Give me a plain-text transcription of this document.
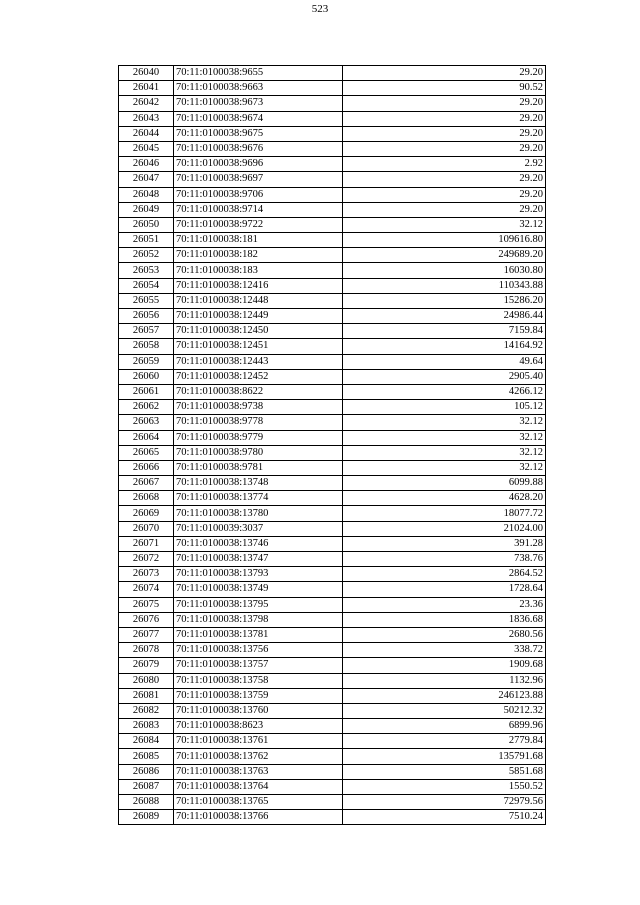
523
26040	70:11:0100038:9655	29.20
26041	70:11:0100038:9663	90.52
26042	70:11:0100038:9673	29.20
26043	70:11:0100038:9674	29.20
26044	70:11:0100038:9675	29.20
26045	70:11:0100038:9676	29.20
26046	70:11:0100038:9696	2.92
26047	70:11:0100038:9697	29.20
26048	70:11:0100038:9706	29.20
26049	70:11:0100038:9714	29.20
26050	70:11:0100038:9722	32.12
26051	70:11:0100038:181	109616.80
26052	70:11:0100038:182	249689.20
26053	70:11:0100038:183	16030.80
26054	70:11:0100038:12416	110343.88
26055	70:11:0100038:12448	15286.20
26056	70:11:0100038:12449	24986.44
26057	70:11:0100038:12450	7159.84
26058	70:11:0100038:12451	14164.92
26059	70:11:0100038:12443	49.64
26060	70:11:0100038:12452	2905.40
26061	70:11:0100038:8622	4266.12
26062	70:11:0100038:9738	105.12
26063	70:11:0100038:9778	32.12
26064	70:11:0100038:9779	32.12
26065	70:11:0100038:9780	32.12
26066	70:11:0100038:9781	32.12
26067	70:11:0100038:13748	6099.88
26068	70:11:0100038:13774	4628.20
26069	70:11:0100038:13780	18077.72
26070	70:11:0100039:3037	21024.00
26071	70:11:0100038:13746	391.28
26072	70:11:0100038:13747	738.76
26073	70:11:0100038:13793	2864.52
26074	70:11:0100038:13749	1728.64
26075	70:11:0100038:13795	23.36
26076	70:11:0100038:13798	1836.68
26077	70:11:0100038:13781	2680.56
26078	70:11:0100038:13756	338.72
26079	70:11:0100038:13757	1909.68
26080	70:11:0100038:13758	1132.96
26081	70:11:0100038:13759	246123.88
26082	70:11:0100038:13760	50212.32
26083	70:11:0100038:8623	6899.96
26084	70:11:0100038:13761	2779.84
26085	70:11:0100038:13762	135791.68
26086	70:11:0100038:13763	5851.68
26087	70:11:0100038:13764	1550.52
26088	70:11:0100038:13765	72979.56
26089	70:11:0100038:13766	7510.24
